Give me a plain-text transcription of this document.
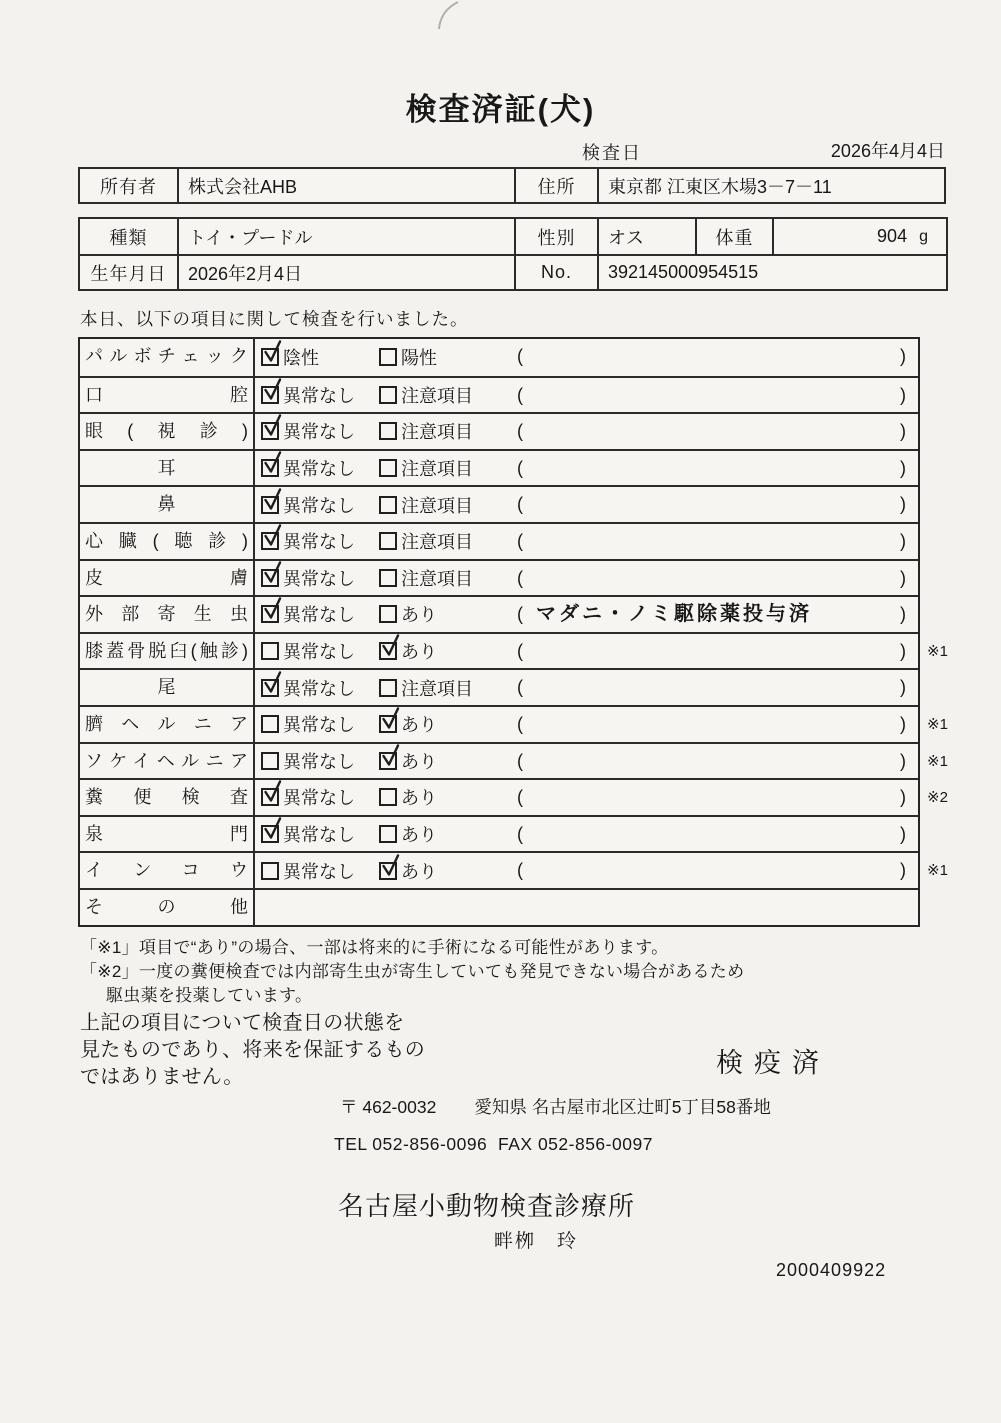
検査済証(犬)
検査日	2026年4月4日
所有者	株式会社AHB	住所	東京都 江東区木場3－7－11
種類	トイ・プードル	性別	オス	体重	904 g
生年月日	2026年2月4日	No.	392145000954515
本日、以下の項目に関して検査を行いました。
パルボチェック	陰性	陽性	(	)
口腔	異常なし	注意項目 (	)
眼(視診)	異常なし	注意項目 (	)
耳	異常なし	注意項目 (	)
鼻	異常なし	注意項目 (	)
心臓(聴診)	異常なし	注意項目 (	)
皮膚	異常なし	注意項目 (	)
外部寄生虫	異常なし	あり	( マダニ・ノミ駆除薬投与済	)
膝蓋骨脱臼(触診)	異常なし	あり	(	) ※1
尾	異常なし	注意項目 (	)
臍ヘルニア	異常なし	あり	(	) ※1
ソケイヘルニア	異常なし	あり	(	) ※1
糞便検査	異常なし	あり	(	) ※2
泉門	異常なし	あり	(	)
インコウ	異常なし	あり	(	) ※1
その他
「※1」項目で“あり”の場合、一部は将来的に手術になる可能性があります。
「※2」一度の糞便検査では内部寄生虫が寄生していても発見できない場合があるため
駆虫薬を投薬しています。
上記の項目について検査日の状態を
見たものであり、将来を保証するもの
ではありません。	検疫済
〒 462-0032 愛知県 名古屋市北区辻町5丁目58番地
TEL 052-856-0096  FAX 052-856-0097
名古屋小動物検査診療所
畔栁　玲
2000409922
